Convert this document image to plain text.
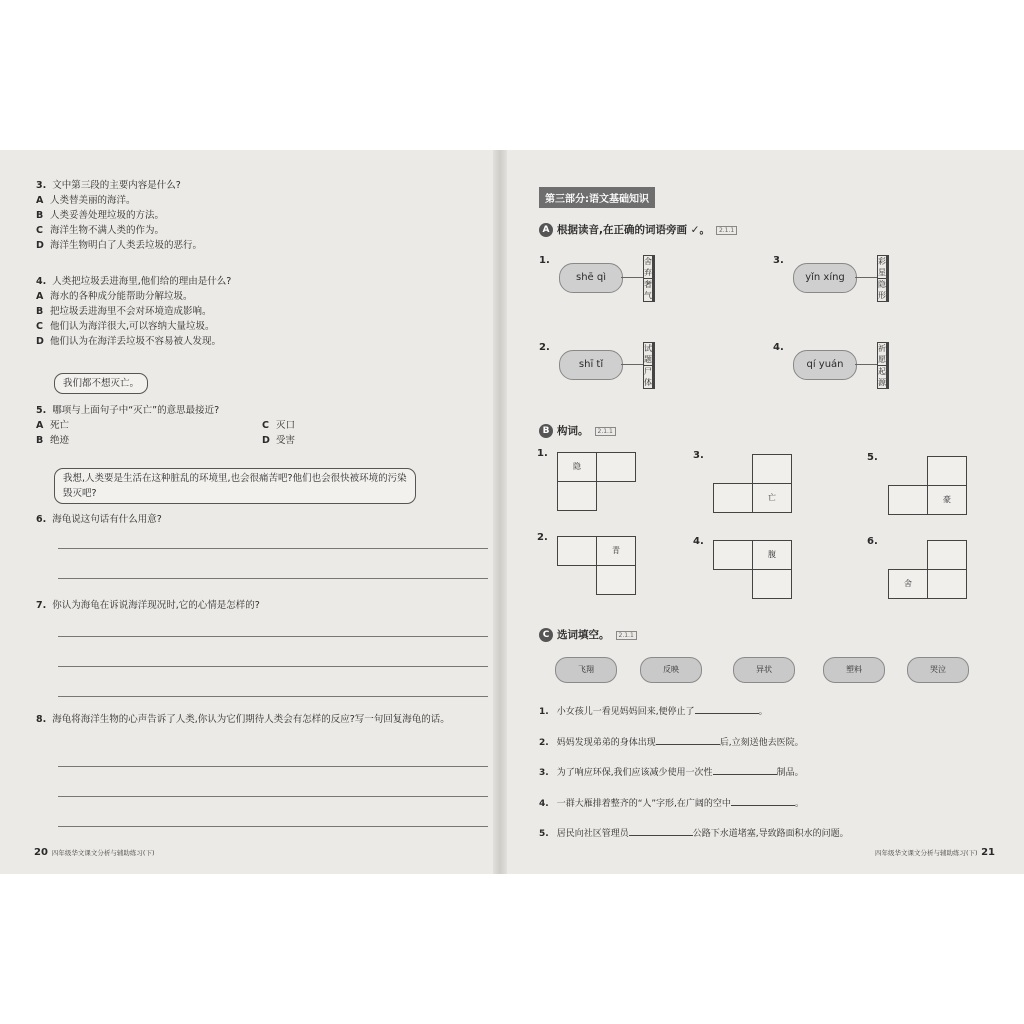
3. 文中第三段的主要内容是什么?
A 人类替美丽的海洋。
B 人类妥善处理垃圾的方法。
C 海洋生物不满人类的作为。
D 海洋生物明白了人类丢垃圾的恶行。
4. 人类把垃圾丢进海里,他们给的理由是什么?
A 海水的各种成分能帮助分解垃圾。
B 把垃圾丢进海里不会对环境造成影响。
C 他们认为海洋很大,可以容纳大量垃圾。
D 他们认为在海洋丢垃圾不容易被人发现。
我们都不想灭亡。
5. 哪项与上面句子中“灭亡”的意思最接近?
A 死亡
B 绝迹
C 灭口
D 受害
我想,人类要是生活在这种脏乱的环境里,也会很痛苦吧?他们也会很快被环境的污染毁灭吧?
6. 海龟说这句话有什么用意?
7. 你认为海龟在诉说海洋现况时,它的心情是怎样的?
8. 海龟将海洋生物的心声告诉了人类,你认为它们期待人类会有怎样的反应?写一句回复海龟的话。
20 四年级华文课文分析与辅助练习(下)
第三部分:语文基础知识
A 根据读音,在正确的词语旁画 ✓。 2.1.1
1.
shē qì
舍弃		
奢气		
2.
shī tǐ
试题		
尸体		
3.
yǐn xíng
彩星		
隐形		
4.
qí yuán
祈愿		
起源		
B 构词。 2.1.1
1.
隐
2.
青
3.
亡
4.
腹
5.
豪
6.
舍
C 选词填空。 2.1.1
飞翔	反映	异状	塑料	哭泣
1. 小女孩儿一看见妈妈回来,便停止了	。
2. 妈妈发现弟弟的身体出现	后,立刻送他去医院。
3. 为了响应环保,我们应该减少使用一次性	制品。
4. 一群大雁排着整齐的“人”字形,在广阔的空中	。
5. 居民向社区管理员	公路下水道堵塞,导致路面积水的问题。
四年级华文课文分析与辅助练习(下) 21
